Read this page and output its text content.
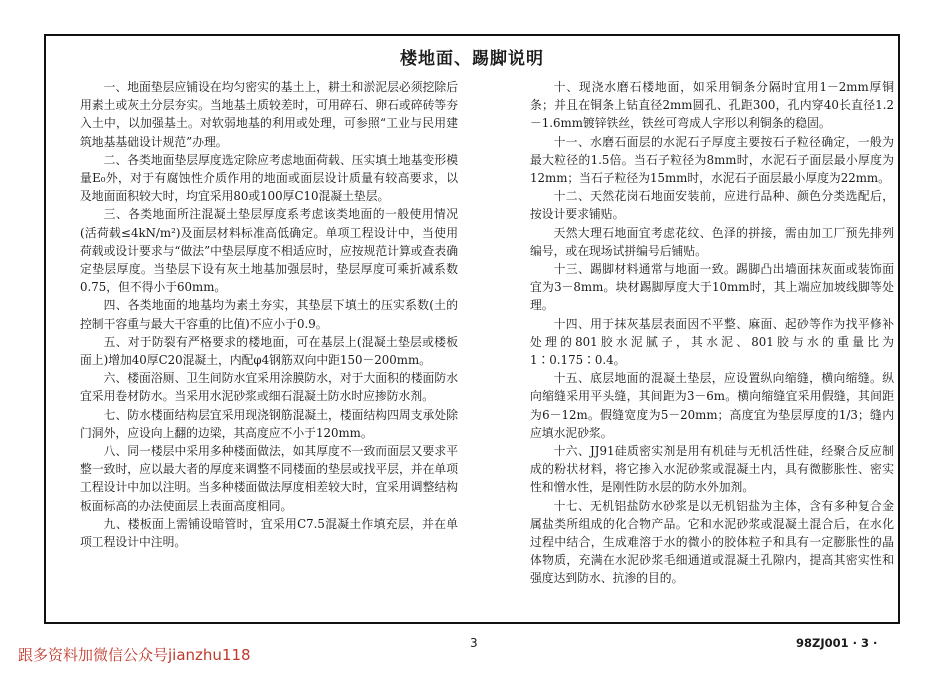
楼地面、踢脚说明

一、地面垫层应铺设在均匀密实的基土上，耕土和淤泥层必须挖除后用素土或灰土分层夯实。当地基土质较差时，可用碎石、卵石或碎砖等夯入土中，以加强基土。对软弱地基的利用或处理，可参照“工业与民用建筑地基基础设计规范”办理。

二、各类地面垫层厚度选定除应考虑地面荷载、压实填土地基变形模量E₀外，对于有腐蚀性介质作用的地面或面层设计质量有较高要求，以及地面面积较大时，均宜采用80或100厚C10混凝土垫层。

三、各类地面所注混凝土垫层厚度系考虑该类地面的一般使用情况(活荷载≤4kN/m²)及面层材料标准高低确定。单项工程设计中，当使用荷载或设计要求与“做法”中垫层厚度不相适应时，应按规范计算或查表确定垫层厚度。当垫层下设有灰土地基加强层时，垫层厚度可乘折减系数0.75，但不得小于60mm。

四、各类地面的地基均为素土夯实，其垫层下填土的压实系数(土的控制干容重与最大干容重的比值)不应小于0.9。

五、对于防裂有严格要求的楼地面，可在基层上(混凝土垫层或楼板面上)增加40厚C20混凝土，内配φ4钢筋双向中距150－200mm。

六、楼面浴厕、卫生间防水宜采用涂膜防水，对于大面积的楼面防水宜采用卷材防水。当采用水泥砂浆或细石混凝土防水时应掺防水剂。

七、防水楼面结构层宜采用现浇钢筋混凝土，楼面结构四周支承处除门洞外，应设向上翻的边梁，其高度应不小于120mm。

八、同一楼层中采用多种楼面做法，如其厚度不一致而面层又要求平整一致时，应以最大者的厚度来调整不同楼面的垫层或找平层，并在单项工程设计中加以注明。当多种楼面做法厚度相差较大时，宜采用调整结构板面标高的办法使面层上表面高度相同。

九、楼板面上需铺设暗管时，宜采用C7.5混凝土作填充层，并在单项工程设计中注明。

十、现浇水磨石楼地面，如采用铜条分隔时宜用1－2mm厚铜条；并且在铜条上钻直径2mm圆孔、孔距300，孔内穿40长直径1.2－1.6mm镀锌铁丝，铁丝可弯成人字形以利铜条的稳固。

十一、水磨石面层的水泥石子厚度主要按石子粒径确定，一般为最大粒径的1.5倍。当石子粒径为8mm时，水泥石子面层最小厚度为12mm；当石子粒径为15mm时，水泥石子面层最小厚度为22mm。

十二、天然花岗石地面安装前，应进行品种、颜色分类选配后，按设计要求铺贴。

天然大理石地面宜考虑花纹、色泽的拼接，需由加工厂预先排列编号，或在现场试拼编号后铺贴。

十三、踢脚材料通常与地面一致。踢脚凸出墙面抹灰面或装饰面宜为3－8mm。块材踢脚厚度大于10mm时，其上端应加坡线脚等处理。

十四、用于抹灰基层表面因不平整、麻面、起砂等作为找平修补处理的801胶水泥腻子，其水泥、801胶与水的重量比为1∶0.175∶0.4。

十五、底层地面的混凝土垫层，应设置纵向缩缝，横向缩缝。纵向缩缝采用平头缝，其间距为3－6m。横向缩缝宜采用假缝，其间距为6－12m。假缝宽度为5－20mm；高度宜为垫层厚度的1/3；缝内应填水泥砂浆。

十六、JJ91硅质密实剂是用有机硅与无机活性硅，经聚合反应制成的粉状材料，将它掺入水泥砂浆或混凝土内，具有微膨胀性、密实性和憎水性，是刚性防水层的防水外加剂。

十七、无机铝盐防水砂浆是以无机铝盐为主体，含有多种复合金属盐类所组成的化合物产品。它和水泥砂浆或混凝土混合后，在水化过程中结合，生成难溶于水的微小的胶体粒子和具有一定膨胀性的晶体物质，充满在水泥砂浆毛细通道或混凝土孔隙内，提高其密实性和强度达到防水、抗渗的目的。

3	98ZJ001 · 3 ·
跟多资料加微信公众号jianzhu118
